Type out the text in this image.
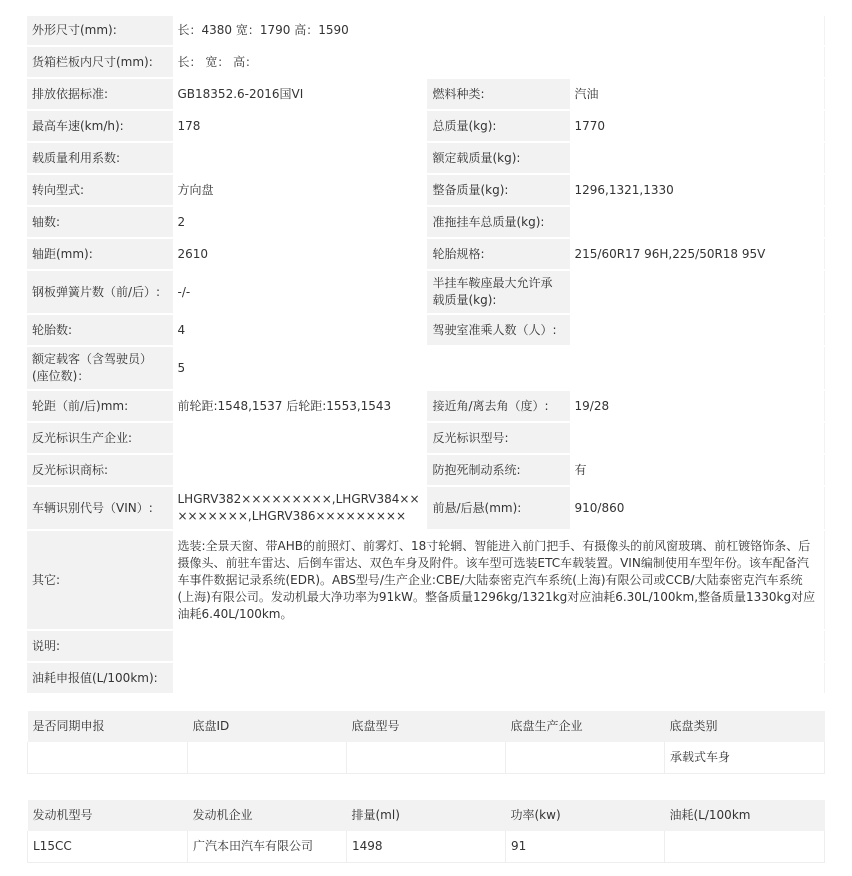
外形尺寸(mm):	长：4380 宽：1790 高：1590		
货箱栏板内尺寸(mm):	长： 宽： 高：		
排放依据标准:	GB18352.6-2016国VI	燃料种类:	汽油
最高车速(km/h):	178	总质量(kg):	1770
载质量利用系数:		额定载质量(kg):	
转向型式:	方向盘	整备质量(kg):	1296,1321,1330
轴数:	2	准拖挂车总质量(kg):	
轴距(mm):	2610	轮胎规格:	215/60R17 96H,225/50R18 95V
钢板弹簧片数（前/后）:	-/-	半挂车鞍座最大允许承载质量(kg):	
轮胎数:	4	驾驶室准乘人数（人）:	
额定载客（含驾驶员）(座位数)：	5		
轮距（前/后)mm:	前轮距:1548,1537 后轮距:1553,1543	接近角/离去角（度）:	19/28
反光标识生产企业:		反光标识型号:	
反光标识商标:		防抱死制动系统:	有
车辆识别代号（VIN）:	LHGRV382×××××××××,LHGRV384×××××××××,LHGRV386×××××××××	前悬/后悬(mm):	910/860
其它:	选装:全景天窗、带AHB的前照灯、前雾灯、18寸轮辋、智能进入前门把手、有摄像头的前风窗玻璃、前杠镀铬饰条、后摄像头、前驻车雷达、后倒车雷达、双色车身及附件。该车型可选装ETC车载装置。VIN编制使用车型年份。该车配备汽车事件数据记录系统(EDR)。ABS型号/生产企业:CBE/大陆泰密克汽车系统(上海)有限公司或CCB/大陆泰密克汽车系统(上海)有限公司。发动机最大净功率为91kW。整备质量1296kg/1321kg对应油耗6.30L/100km,整备质量1330kg对应油耗6.40L/100km。		
说明:			
油耗申报值(L/100km):			
是否同期申报	底盘ID	底盘型号	底盘生产企业	底盘类别
				承载式车身
发动机型号	发动机企业	排量(ml)	功率(kw)	油耗(L/100km
L15CC	广汽本田汽车有限公司	1498	91	
